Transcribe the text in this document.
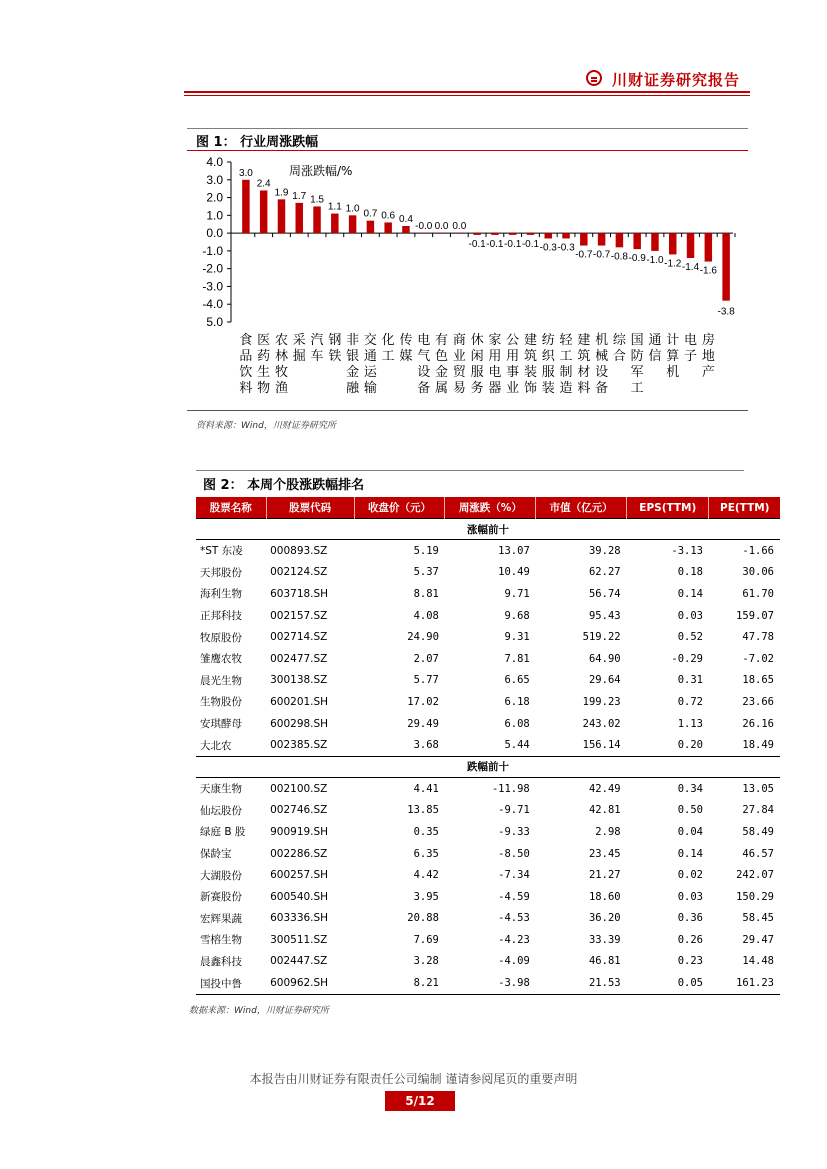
川财证券研究报告
图 1： 行业周涨跌幅
4.0
3.0
2.0
1.0
0.0
-1.0
-2.0
-3.0
-4.0
5.0
3.0
2.4
1.9 1.7 1.5
1.1 1.0 0.7 0.6 0.4
-0.0 0.0 0.0
-0.1 -0.1 -0.1 -0.1 -0.3 -0.3
-0.7 -0.7 -0.8 -0.9 -1.0 -1.2 -1.4 -1.6
-3.8
周涨跌幅/%
食
品
饮
料
医
药
生
物
农
林
牧
渔
采
掘
汽
车
钢
铁
非
银
金
融
交
通
运
输
化
工
传
媒
电
气
设
备
有
色
金
属
商
业
贸
易
休
闲
服
务
家
用
电
器
公
用
事
业
建
筑
装
饰
纺
织
服
装
轻
工
制
造
建
筑
材
料
机
械
设
备
综
合
国
防
军
工
通
信
计
算
机
电
子
房
地
产
资料来源：Wind，川财证券研究所
图 2： 本周个股涨跌幅排名
股票名称	股票代码	收盘价（元）	周涨跌（%）	市值（亿元）	EPS(TTM)	PE(TTM)
涨幅前十						
*ST 东凌	000893.SZ	5.19	13.07	39.28	-3.13	-1.66
天邦股份	002124.SZ	5.37	10.49	62.27	0.18	30.06
海利生物	603718.SH	8.81	9.71	56.74	0.14	61.70
正邦科技	002157.SZ	4.08	9.68	95.43	0.03	159.07
牧原股份	002714.SZ	24.90	9.31	519.22	0.52	47.78
雏鹰农牧	002477.SZ	2.07	7.81	64.90	-0.29	-7.02
晨光生物	300138.SZ	5.77	6.65	29.64	0.31	18.65
生物股份	600201.SH	17.02	6.18	199.23	0.72	23.66
安琪酵母	600298.SH	29.49	6.08	243.02	1.13	26.16
大北农	002385.SZ	3.68	5.44	156.14	0.20	18.49
跌幅前十						
天康生物	002100.SZ	4.41	-11.98	42.49	0.34	13.05
仙坛股份	002746.SZ	13.85	-9.71	42.81	0.50	27.84
绿庭 B 股	900919.SH	0.35	-9.33	2.98	0.04	58.49
保龄宝	002286.SZ	6.35	-8.50	23.45	0.14	46.57
大湖股份	600257.SH	4.42	-7.34	21.27	0.02	242.07
新赛股份	600540.SH	3.95	-4.59	18.60	0.03	150.29
宏辉果蔬	603336.SH	20.88	-4.53	36.20	0.36	58.45
雪榕生物	300511.SZ	7.69	-4.23	33.39	0.26	29.47
晨鑫科技	002447.SZ	3.28	-4.09	46.81	0.23	14.48
国投中鲁	600962.SH	8.21	-3.98	21.53	0.05	161.23
数据来源：Wind，川财证券研究所
本报告由川财证券有限责任公司编制 谨请参阅尾页的重要声明
5/12
